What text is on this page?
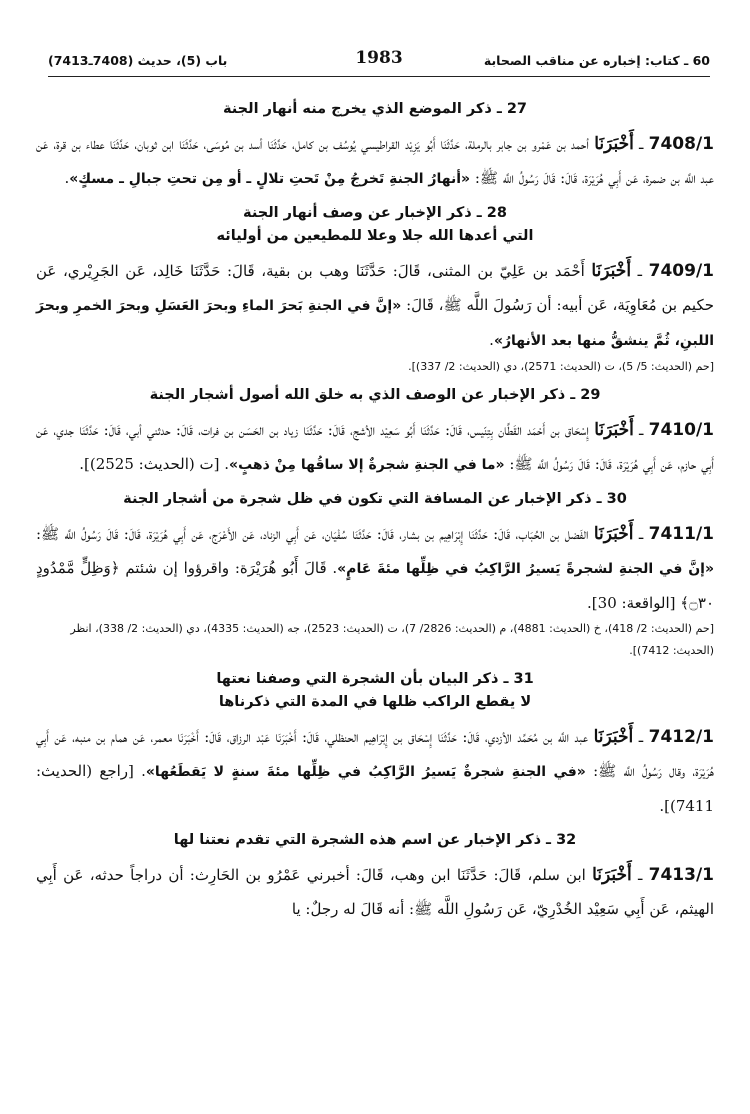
60 ـ كتاب: إخباره عن مناقب الصحابة
1983
باب (5)، حديث (7408ـ7413)
27 ـ ذكر الموضع الذي يخرج منه أنهار الجنة

7408/1 ـ أَخْبَرَنَا أحمد بن عَمْرو بن جابر بالرملة، حَدَّثَنَا أَبُو يَزِيْد القراطيسي يُوسُف بن كامل، حَدَّثَنَا أسد بن مُوسَى، حَدَّثَنَا ابن ثوبان، حَدَّثَنَا عطاء بن قرة، عَن عبد اللَّه بن ضمرة، عَن أَبِي هُرَيْرَة، قَالَ: قَالَ رَسُولُ اللَّه ﷺ: «أنهارُ الجنةِ تَخرجُ مِنْ تَحتِ تلالٍ ـ أو مِن تحتِ جبالِ ـ مسكٍ».

28 ـ ذكر الإخبار عن وصف أنهار الجنة
التي أعدها الله جلا وعلا للمطيعين من أوليائه

7409/1 ـ أَخْبَرَنَا أَحْمَد بن عَلِيّ بن المثنى، قَالَ: حَدَّثَنَا وهب بن بقية، قَالَ: حَدَّثَنَا خَالِد، عَن الجَرِيْري، عَن حكيم بن مُعَاوِيَة، عَن أبيه: أن رَسُولَ اللَّه ﷺ، قَالَ: «إنَّ في الجنةِ بَحرَ الماءِ وبحرَ العَسَلِ وبحرَ الخمرِ وبحرَ اللبنِ، ثُمَّ ينشقُّ منها بعد الأنهارُ».

[حم (الحديث: 5/ 5)، ت (الحديث: 2571)، دي (الحديث: 2/ 337)].
29 ـ ذكر الإخبار عن الوصف الذي به خلق الله أصول أشجار الجنة

7410/1 ـ أَخْبَرَنَا إِسْحَاق بن أَحْمَد القَطَّان بِتِنّيس، قَالَ: حَدَّثَنَا أَبُو سَعِيْد الأشج، قَالَ: حَدَّثَنَا زياد بن الحَسَن بن فرات، قَالَ: حدثني أبي، قَالَ: حَدَّثَنَا جدي، عَن أَبِي حازم، عَن أَبِي هُرَيْرَة، قَالَ: قَالَ رَسُولُ اللَّه ﷺ: «ما في الجنةِ شجرةٌ إلا ساقُها مِنْ ذهبٍ». [ت (الحديث: 2525)].

30 ـ ذكر الإخبار عن المسافة التي تكون في ظل شجرة من أشجار الجنة

7411/1 ـ أَخْبَرَنَا الفَضل بن الحُبَاب، قَالَ: حَدَّثَنَا إِبْرَاهِيم بن بشار، قَالَ: حَدَّثَنَا سُفْيَان، عَن أَبِي الزناد، عَن الأَعْرَج، عَن أَبِي هُرَيْرَة، قَالَ: قَالَ رَسُولُ اللَّه ﷺ: «إنَّ في الجنةِ لشجرةً يَسيرُ الرَّاكِبُ في ظِلِّها مئةَ عَامٍ». قَالَ أَبُو هُرَيْرَة: واقرؤوا إن شئتم ﴿وَظِلٍّ مَّمْدُودٍ ۝٣٠﴾ [الواقعة: 30].

[حم (الحديث: 2/ 418)، خ (الحديث: 4881)، م (الحديث: 2826/ 7)، ت (الحديث: 2523)، جه (الحديث: 4335)، دي (الحديث: 2/ 338)، انظر (الحديث: 7412)].
31 ـ ذكر البيان بأن الشجرة التي وصفنا نعتها
لا يقطع الراكب ظلها في المدة التي ذكرناها

7412/1 ـ أَخْبَرَنَا عبد اللَّه بن مُحَمَّد الأزدي، قَالَ: حَدَّثَنَا إِسْحَاق بن إِبْرَاهِيم الحنظلي، قَالَ: أَخْبَرَنَا عَبْد الرزاق، قَالَ: أَخْبَرَنَا معمر، عَن همام بن منبه، عَن أَبِي هُرَيْرَة، وقال رَسُولُ اللَّه ﷺ: «في الجنةِ شجرةٌ يَسيرُ الرَّاكِبُ في ظِلِّها مئةَ سنةٍ لا يَقطَعُها». [راجع (الحديث: 7411)].

32 ـ ذكر الإخبار عن اسم هذه الشجرة التي تقدم نعتنا لها

7413/1 ـ أَخْبَرَنَا ابن سلم، قَالَ: حَدَّثَنَا ابن وهب، قَالَ: أخبرني عَمْرُو بن الحَارِث: أن دراجاً حدثه، عَن أَبِي الهيثم، عَن أَبِي سَعِيْد الخُدْرِيّ، عَن رَسُولِ اللَّه ﷺ: أنه قَالَ له رجلٌ: يا
